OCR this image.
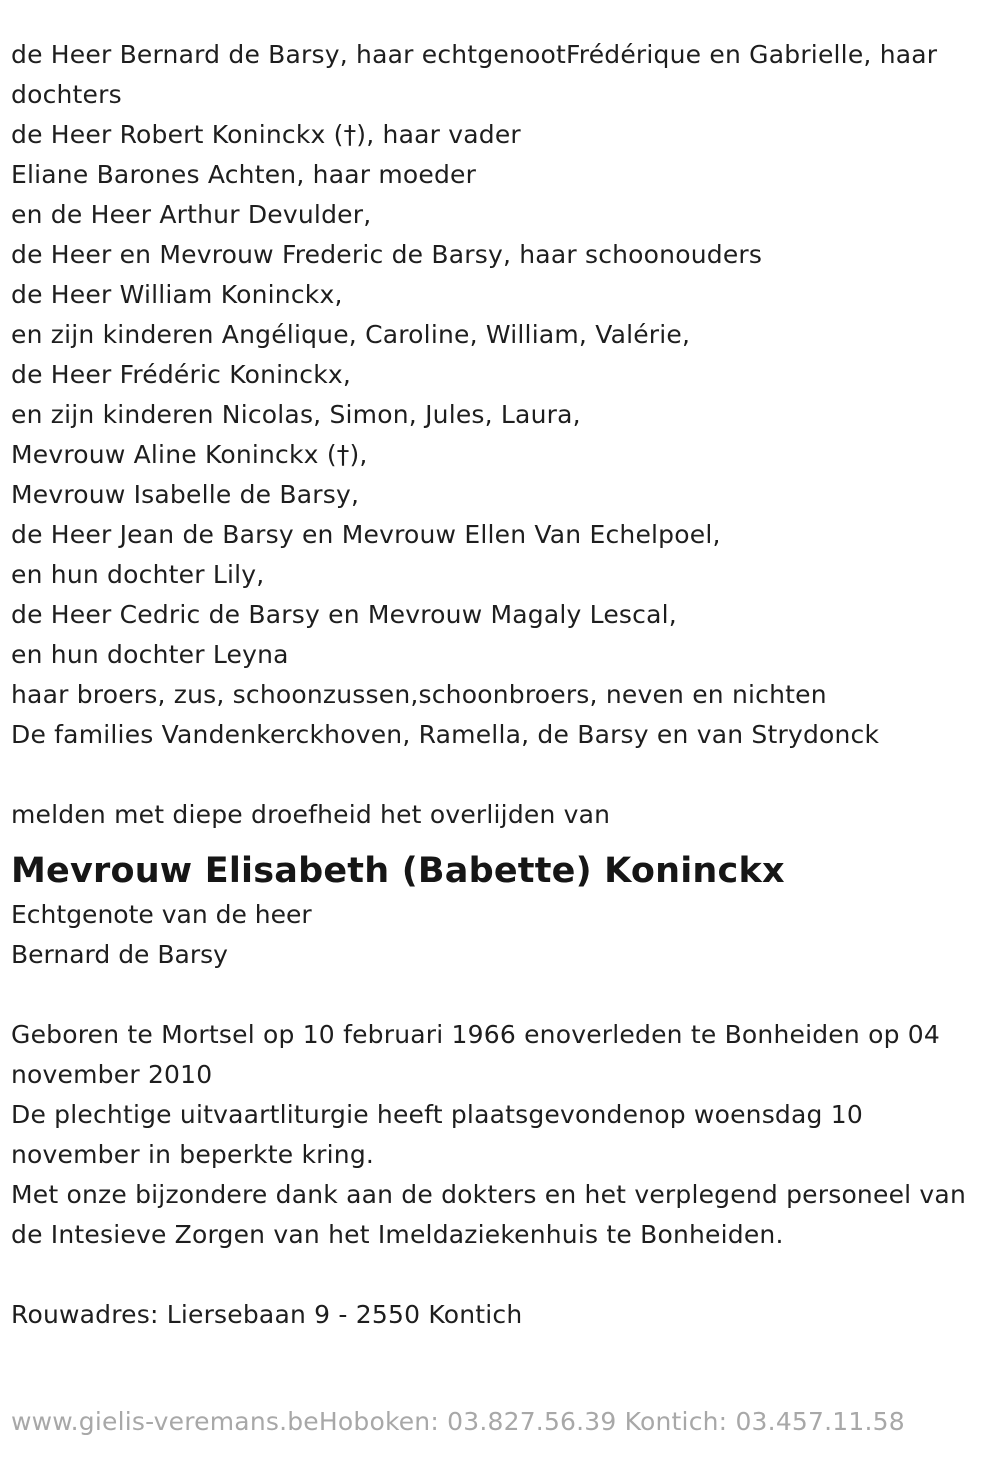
de Heer Bernard de Barsy, haar echtgenootFrédérique en Gabrielle, haar dochters
de Heer Robert Koninckx (†), haar vader
Eliane Barones Achten, haar moeder
en de Heer Arthur Devulder,
de Heer en Mevrouw Frederic de Barsy, haar schoonouders
de Heer William Koninckx,
en zijn kinderen Angélique, Caroline, William, Valérie,
de Heer Frédéric Koninckx,
en zijn kinderen Nicolas, Simon, Jules, Laura,
Mevrouw Aline Koninckx (†),
Mevrouw Isabelle de Barsy,
de Heer Jean de Barsy en Mevrouw Ellen Van Echelpoel,
en hun dochter Lily,
de Heer Cedric de Barsy en Mevrouw Magaly Lescal,
en hun dochter Leyna
haar broers, zus, schoonzussen,schoonbroers, neven en nichten
De families Vandenkerckhoven, Ramella, de Barsy en van Strydonck
melden met diepe droefheid het overlijden van
Mevrouw Elisabeth (Babette) Koninckx
Echtgenote van de heer
Bernard de Barsy
Geboren te Mortsel op 10 februari 1966 enoverleden te Bonheiden op 04 november 2010
De plechtige uitvaartliturgie heeft plaatsgevondenop woensdag 10 november in beperkte kring.
Met onze bijzondere dank aan de dokters en het verplegend personeel van de Intesieve Zorgen van het Imeldaziekenhuis te Bonheiden.
Rouwadres: Liersebaan 9 - 2550 Kontich
www.gielis-veremans.beHoboken: 03.827.56.39 Kontich: 03.457.11.58
